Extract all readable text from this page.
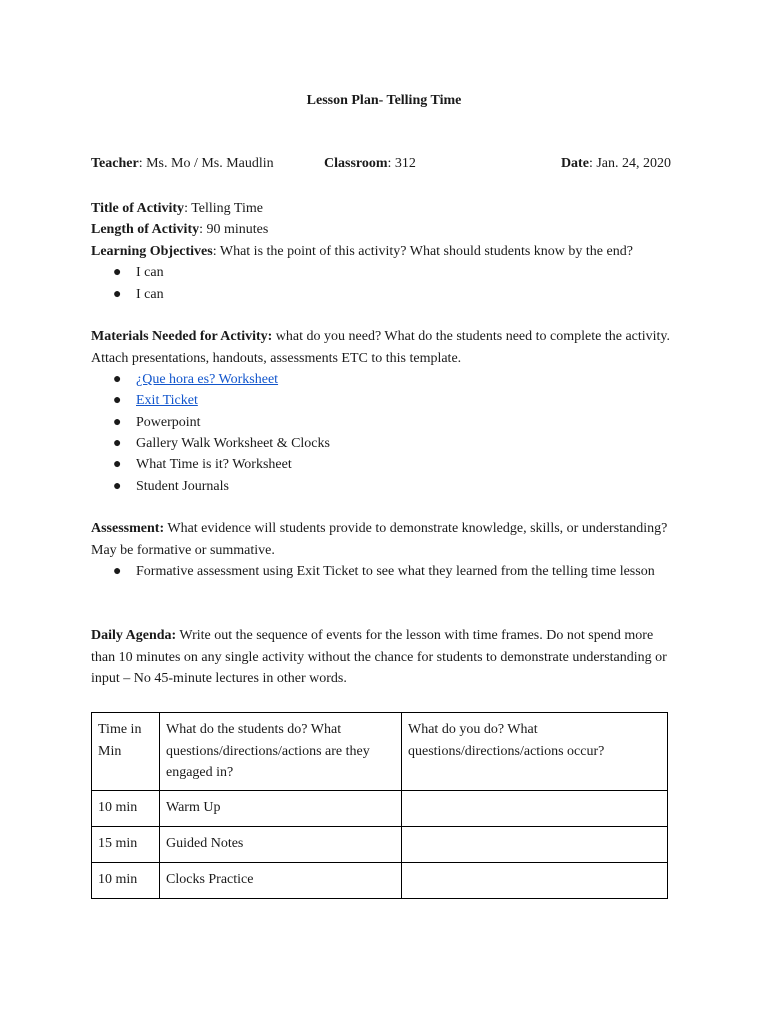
Lesson Plan- Telling Time
Teacher: Ms. Mo / Ms. Maudlin	Classroom: 312	Date: Jan. 24, 2020
Title of Activity: Telling Time
Length of Activity: 90 minutes
Learning Objectives: What is the point of this activity? What should students know by the end?
● I can
● I can
Materials Needed for Activity: what do you need? What do the students need to complete the activity. Attach presentations, handouts, assessments ETC to this template.
● ¿Que hora es? Worksheet
● Exit Ticket
● Powerpoint
● Gallery Walk Worksheet & Clocks
● What Time is it? Worksheet
● Student Journals
Assessment: What evidence will students provide to demonstrate knowledge, skills, or understanding? May be formative or summative.
● Formative assessment using Exit Ticket to see what they learned from the telling time lesson
Daily Agenda: Write out the sequence of events for the lesson with time frames. Do not spend more than 10 minutes on any single activity without the chance for students to demonstrate understanding or input – No 45-minute lectures in other words.
Time in Min	What do the students do? What questions/directions/actions are they engaged in?	What do you do? What questions/directions/actions occur?
10 min	Warm Up	
15 min	Guided Notes	
10 min	Clocks Practice	
